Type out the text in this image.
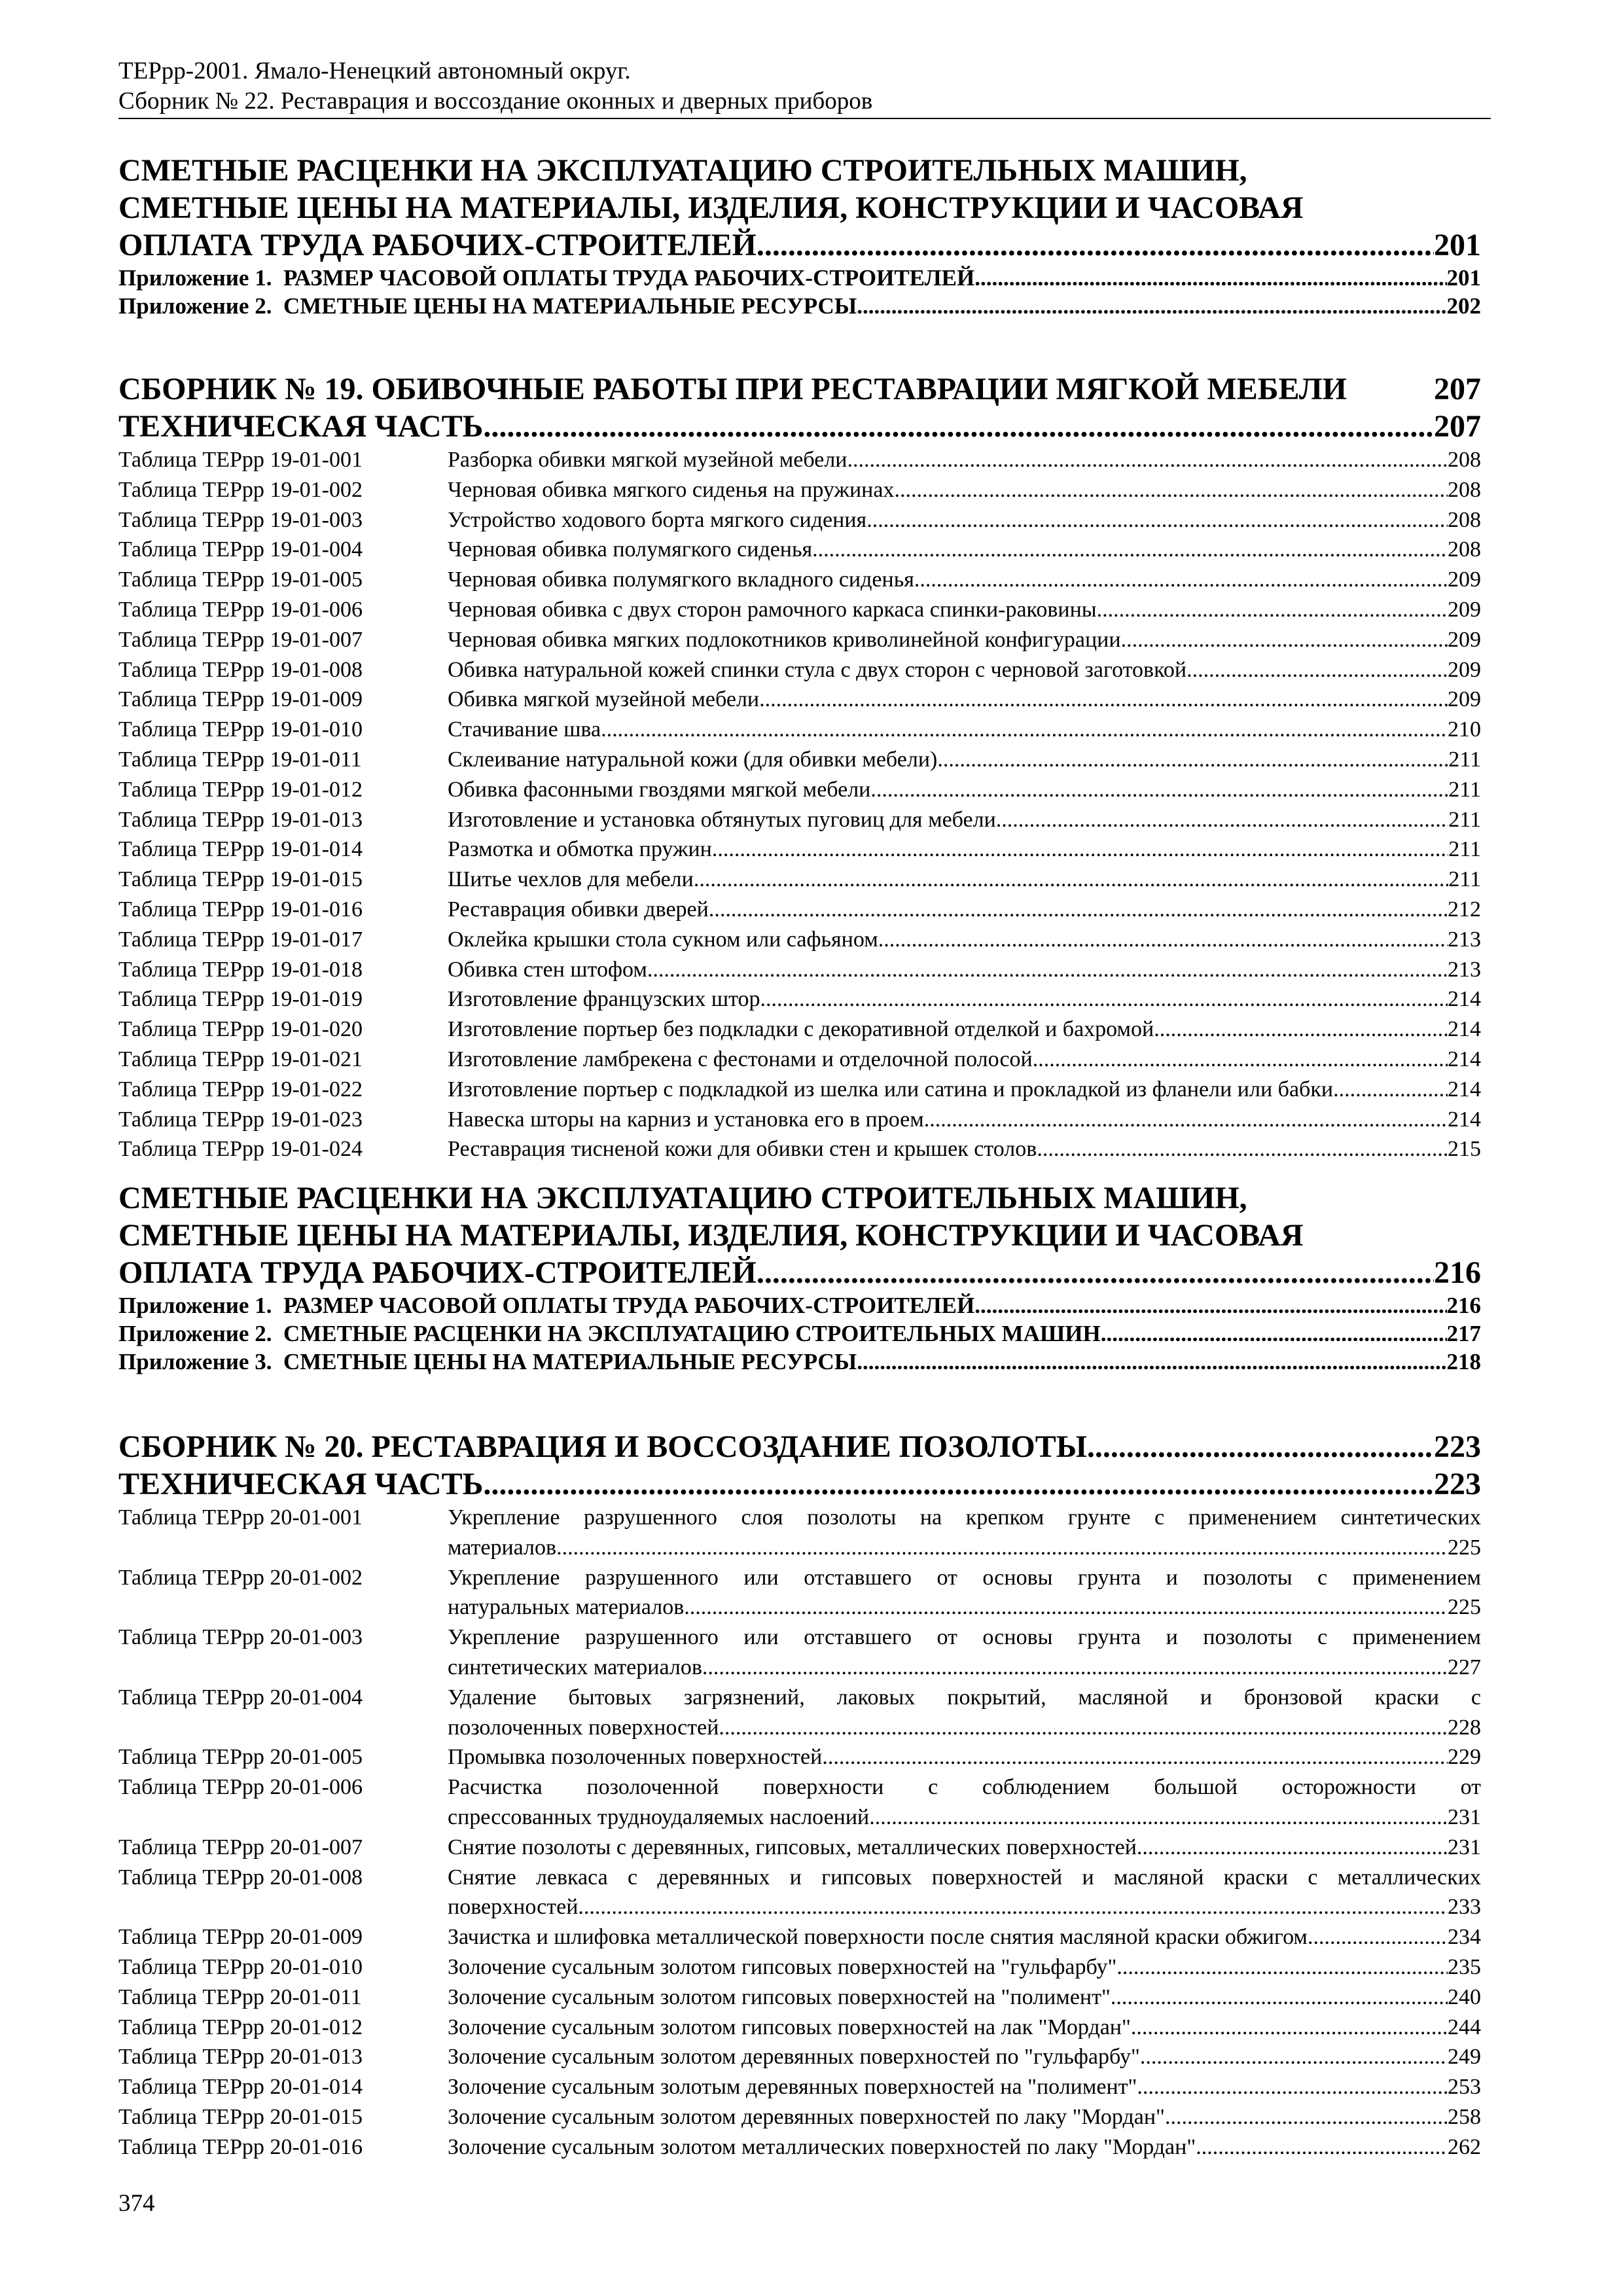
ТЕРрр-2001. Ямало-Ненецкий автономный округ.
Сборник № 22. Реставрация и воссоздание оконных и дверных приборов
СМЕТНЫЕ РАСЦЕНКИ НА ЭКСПЛУАТАЦИЮ СТРОИТЕЛЬНЫХ МАШИН,
СМЕТНЫЕ ЦЕНЫ НА МАТЕРИАЛЫ, ИЗДЕЛИЯ, КОНСТРУКЦИИ И ЧАСОВАЯ
ОПЛАТА ТРУДА РАБОЧИХ-СТРОИТЕЛЕЙ .....	201
Приложение 1. РАЗМЕР ЧАСОВОЙ ОПЛАТЫ ТРУДА РАБОЧИХ-СТРОИТЕЛЕЙ .....	201
Приложение 2. СМЕТНЫЕ ЦЕНЫ НА МАТЕРИАЛЬНЫЕ РЕСУРСЫ .....	202
СБОРНИК № 19. ОБИВОЧНЫЕ РАБОТЫ ПРИ РЕСТАВРАЦИИ МЯГКОЙ МЕБЕЛИ	207
ТЕХНИЧЕСКАЯ ЧАСТЬ .....	207
Таблица ТЕРрр 19-01-001	Разборка обивки мягкой музейной мебели .....	208
Таблица ТЕРрр 19-01-002	Черновая обивка мягкого сиденья на пружинах .....	208
Таблица ТЕРрр 19-01-003	Устройство ходового борта мягкого сидения .....	208
Таблица ТЕРрр 19-01-004	Черновая обивка полумягкого сиденья .....	208
Таблица ТЕРрр 19-01-005	Черновая обивка полумягкого вкладного сиденья .....	209
Таблица ТЕРрр 19-01-006	Черновая обивка с двух сторон рамочного каркаса спинки-раковины .....	209
Таблица ТЕРрр 19-01-007	Черновая обивка мягких подлокотников криволинейной конфигурации .....	209
Таблица ТЕРрр 19-01-008	Обивка натуральной кожей спинки стула с двух сторон с черновой заготовкой .....	209
Таблица ТЕРрр 19-01-009	Обивка мягкой музейной мебели .....	209
Таблица ТЕРрр 19-01-010	Стачивание шва .....	210
Таблица ТЕРрр 19-01-011	Склеивание натуральной кожи (для обивки мебели) .....	211
Таблица ТЕРрр 19-01-012	Обивка фасонными гвоздями мягкой мебели .....	211
Таблица ТЕРрр 19-01-013	Изготовление и установка обтянутых пуговиц для мебели .....	211
Таблица ТЕРрр 19-01-014	Размотка и обмотка пружин .....	211
Таблица ТЕРрр 19-01-015	Шитье чехлов для мебели .....	211
Таблица ТЕРрр 19-01-016	Реставрация обивки дверей .....	212
Таблица ТЕРрр 19-01-017	Оклейка крышки стола сукном или сафьяном .....	213
Таблица ТЕРрр 19-01-018	Обивка стен штофом .....	213
Таблица ТЕРрр 19-01-019	Изготовление французских штор .....	214
Таблица ТЕРрр 19-01-020	Изготовление портьер без подкладки с декоративной отделкой и бахромой .....	214
Таблица ТЕРрр 19-01-021	Изготовление ламбрекена с фестонами и отделочной полосой .....	214
Таблица ТЕРрр 19-01-022	Изготовление портьер с подкладкой из шелка или сатина и прокладкой из фланели или бабки .....	214
Таблица ТЕРрр 19-01-023	Навеска шторы на карниз и установка его в проем .....	214
Таблица ТЕРрр 19-01-024	Реставрация тисненой кожи для обивки стен и крышек столов .....	215
СМЕТНЫЕ РАСЦЕНКИ НА ЭКСПЛУАТАЦИЮ СТРОИТЕЛЬНЫХ МАШИН,
СМЕТНЫЕ ЦЕНЫ НА МАТЕРИАЛЫ, ИЗДЕЛИЯ, КОНСТРУКЦИИ И ЧАСОВАЯ
ОПЛАТА ТРУДА РАБОЧИХ-СТРОИТЕЛЕЙ .....	216
Приложение 1. РАЗМЕР ЧАСОВОЙ ОПЛАТЫ ТРУДА РАБОЧИХ-СТРОИТЕЛЕЙ .....	216
Приложение 2. СМЕТНЫЕ РАСЦЕНКИ НА ЭКСПЛУАТАЦИЮ СТРОИТЕЛЬНЫХ МАШИН .....	217
Приложение 3. СМЕТНЫЕ ЦЕНЫ НА МАТЕРИАЛЬНЫЕ РЕСУРСЫ .....	218
СБОРНИК № 20. РЕСТАВРАЦИЯ И ВОССОЗДАНИЕ ПОЗОЛОТЫ .....	223
ТЕХНИЧЕСКАЯ ЧАСТЬ .....	223
Таблица ТЕРрр 20-01-001	Укрепление разрушенного слоя позолоты на крепком грунте с применением синтетических
материалов .....	225
Таблица ТЕРрр 20-01-002	Укрепление разрушенного или отставшего от основы грунта и позолоты с применением
натуральных материалов .....	225
Таблица ТЕРрр 20-01-003	Укрепление разрушенного или отставшего от основы грунта и позолоты с применением
синтетических материалов .....	227
Таблица ТЕРрр 20-01-004	Удаление бытовых загрязнений, лаковых покрытий, масляной и бронзовой краски с
позолоченных поверхностей .....	228
Таблица ТЕРрр 20-01-005	Промывка позолоченных поверхностей .....	229
Таблица ТЕРрр 20-01-006	Расчистка позолоченной поверхности с соблюдением большой осторожности от
спрессованных трудноудаляемых наслоений .....	231
Таблица ТЕРрр 20-01-007	Снятие позолоты с деревянных, гипсовых, металлических поверхностей .....	231
Таблица ТЕРрр 20-01-008	Снятие левкаса с деревянных и гипсовых поверхностей и масляной краски с металлических
поверхностей .....	233
Таблица ТЕРрр 20-01-009	Зачистка и шлифовка металлической поверхности после снятия масляной краски обжигом .....	234
Таблица ТЕРрр 20-01-010	Золочение сусальным золотом гипсовых поверхностей на "гульфарбу" .....	235
Таблица ТЕРрр 20-01-011	Золочение сусальным золотом гипсовых поверхностей на "полимент" .....	240
Таблица ТЕРрр 20-01-012	Золочение сусальным золотом гипсовых поверхностей на лак "Мордан" .....	244
Таблица ТЕРрр 20-01-013	Золочение сусальным золотом деревянных поверхностей по "гульфарбу" .....	249
Таблица ТЕРрр 20-01-014	Золочение сусальным золотым деревянных поверхностей на "полимент" .....	253
Таблица ТЕРрр 20-01-015	Золочение сусальным золотом деревянных поверхностей по лаку "Мордан" .....	258
Таблица ТЕРрр 20-01-016	Золочение сусальным золотом металлических поверхностей по лаку "Мордан" .....	262
374
